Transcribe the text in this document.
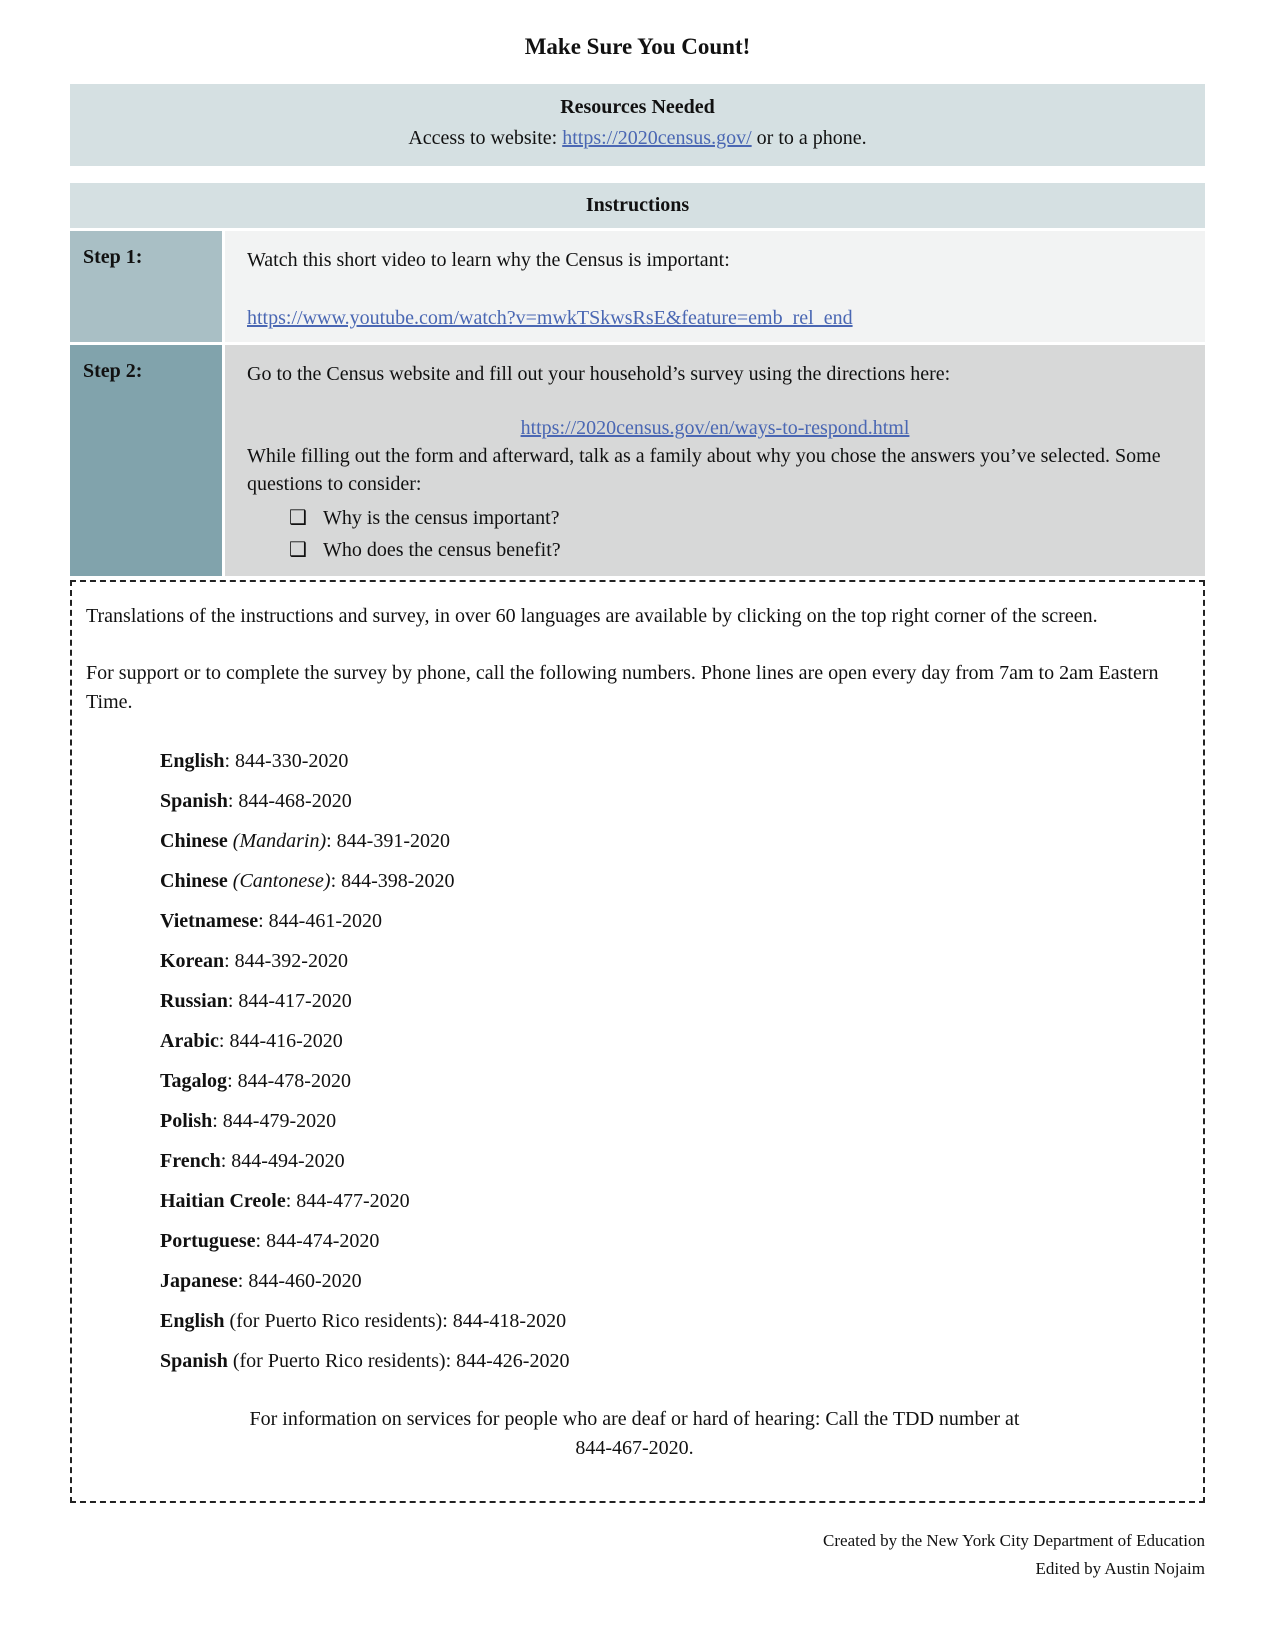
Make Sure You Count!
Resources Needed
Access to website: https://2020census.gov/ or to a phone.
Instructions
Step 1:	Watch this short video to learn why the Census is important:

https://www.youtube.com/watch?v=mwkTSkwsRsE&feature=emb_rel_end
Step 2:	Go to the Census website and fill out your household’s survey using the directions here:

https://2020census.gov/en/ways-to-respond.html

While filling out the form and afterward, talk as a family about why you chose the answers you’ve selected. Some questions to consider:

❑ Why is the census important?
❑ Who does the census benefit?

Translations of the instructions and survey, in over 60 languages are available by clicking on the top right corner of the screen.

For support or to complete the survey by phone, call the following numbers. Phone lines are open every day from 7am to 2am Eastern Time.

English: 844-330-2020
Spanish: 844-468-2020
Chinese (Mandarin): 844-391-2020
Chinese (Cantonese): 844-398-2020
Vietnamese: 844-461-2020
Korean: 844-392-2020
Russian: 844-417-2020
Arabic: 844-416-2020
Tagalog: 844-478-2020
Polish: 844-479-2020
French: 844-494-2020
Haitian Creole: 844-477-2020
Portuguese: 844-474-2020
Japanese: 844-460-2020
English (for Puerto Rico residents): 844-418-2020
Spanish (for Puerto Rico residents): 844-426-2020

For information on services for people who are deaf or hard of hearing: Call the TDD number at
844-467-2020.

Created by the New York City Department of Education
Edited by Austin Nojaim
